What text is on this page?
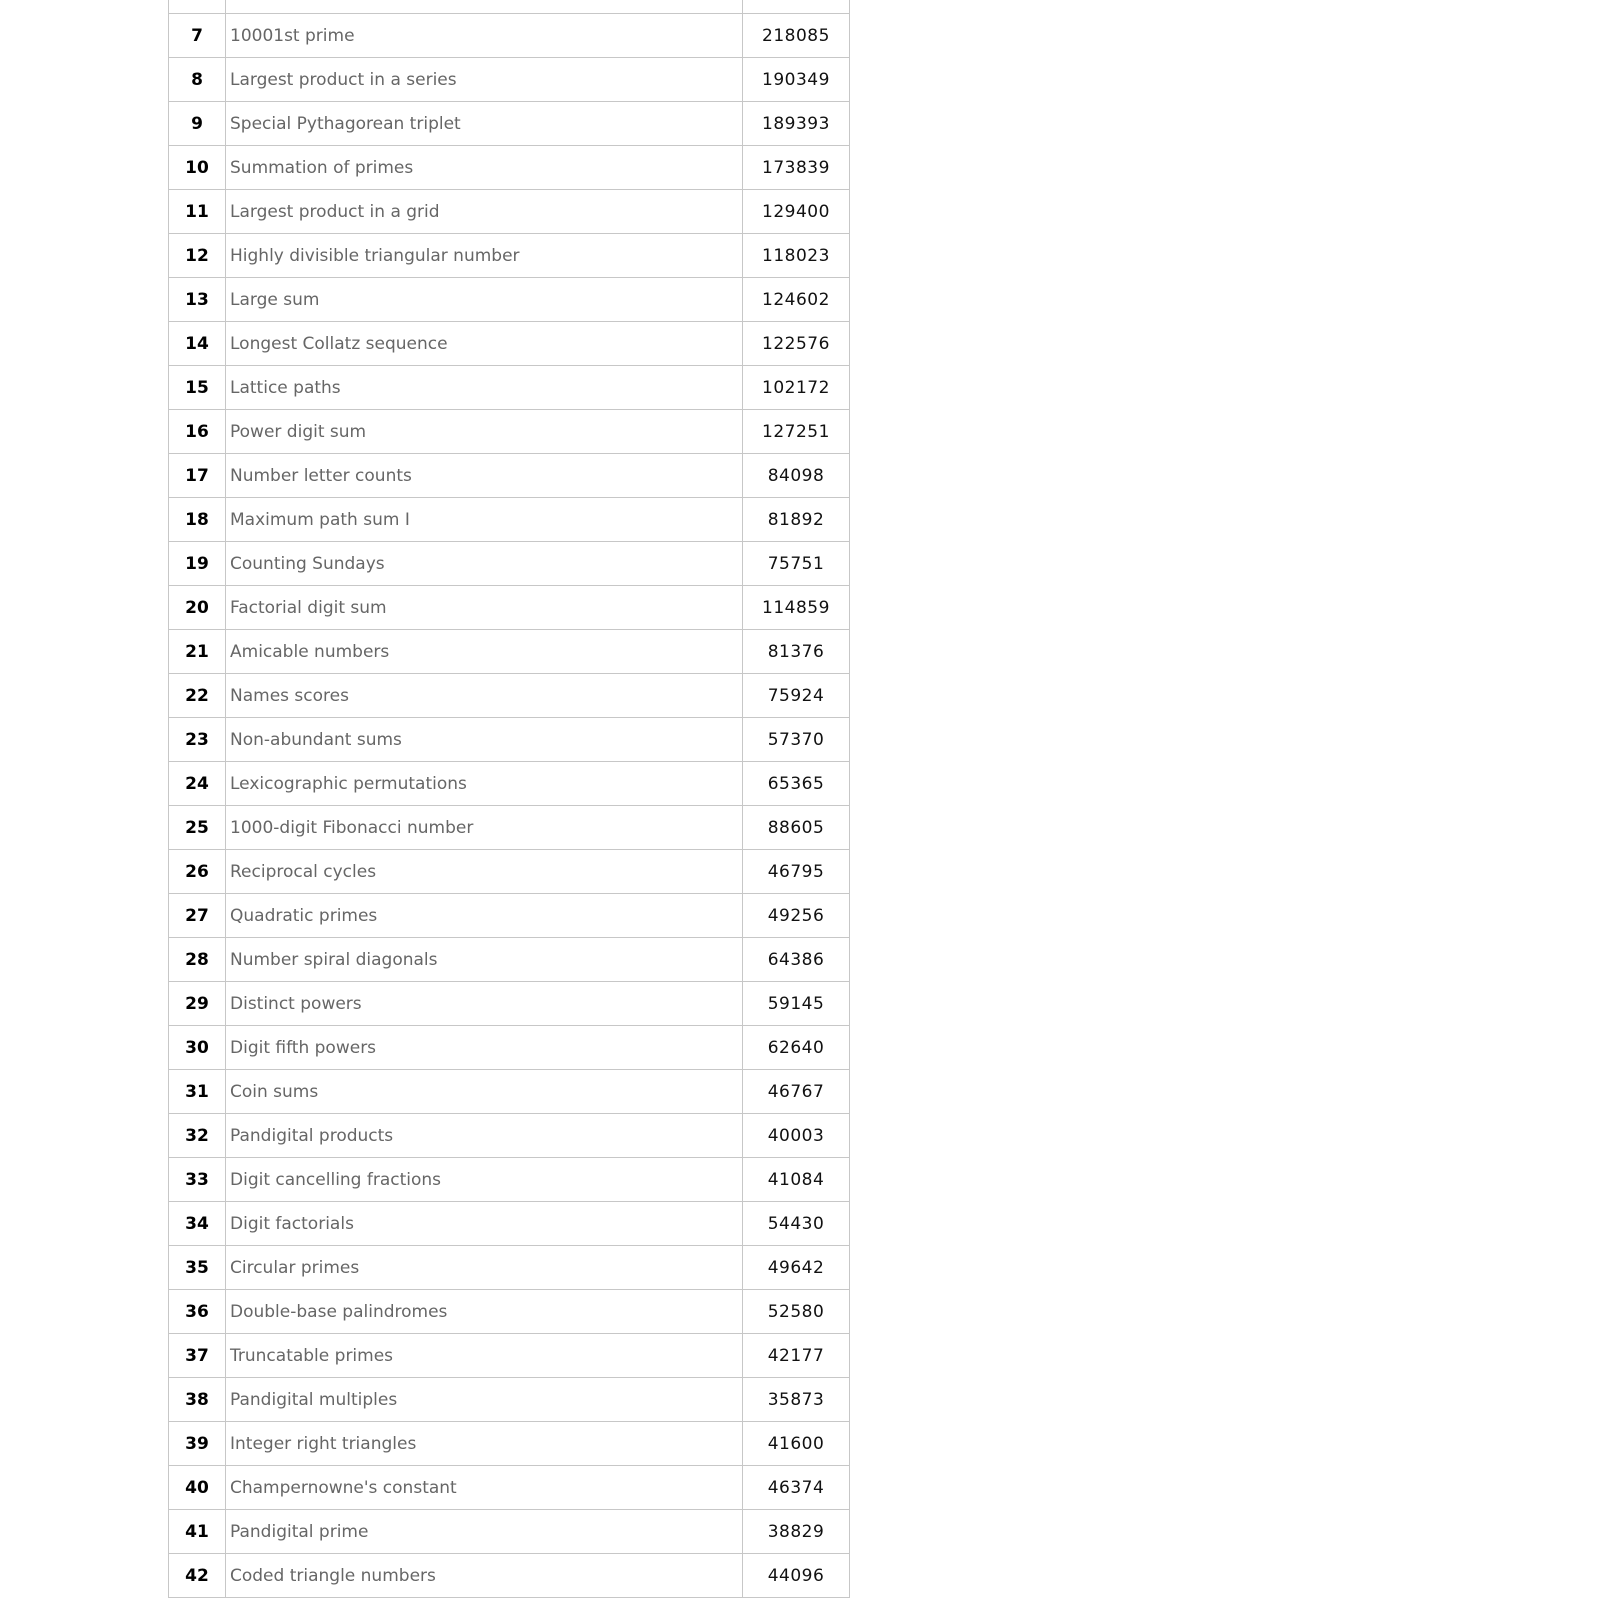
7	10001st prime	218085
8	Largest product in a series	190349
9	Special Pythagorean triplet	189393
10	Summation of primes	173839
11	Largest product in a grid	129400
12	Highly divisible triangular number	118023
13	Large sum	124602
14	Longest Collatz sequence	122576
15	Lattice paths	102172
16	Power digit sum	127251
17	Number letter counts	84098
18	Maximum path sum I	81892
19	Counting Sundays	75751
20	Factorial digit sum	114859
21	Amicable numbers	81376
22	Names scores	75924
23	Non-abundant sums	57370
24	Lexicographic permutations	65365
25	1000-digit Fibonacci number	88605
26	Reciprocal cycles	46795
27	Quadratic primes	49256
28	Number spiral diagonals	64386
29	Distinct powers	59145
30	Digit fifth powers	62640
31	Coin sums	46767
32	Pandigital products	40003
33	Digit cancelling fractions	41084
34	Digit factorials	54430
35	Circular primes	49642
36	Double-base palindromes	52580
37	Truncatable primes	42177
38	Pandigital multiples	35873
39	Integer right triangles	41600
40	Champernowne's constant	46374
41	Pandigital prime	38829
42	Coded triangle numbers	44096
